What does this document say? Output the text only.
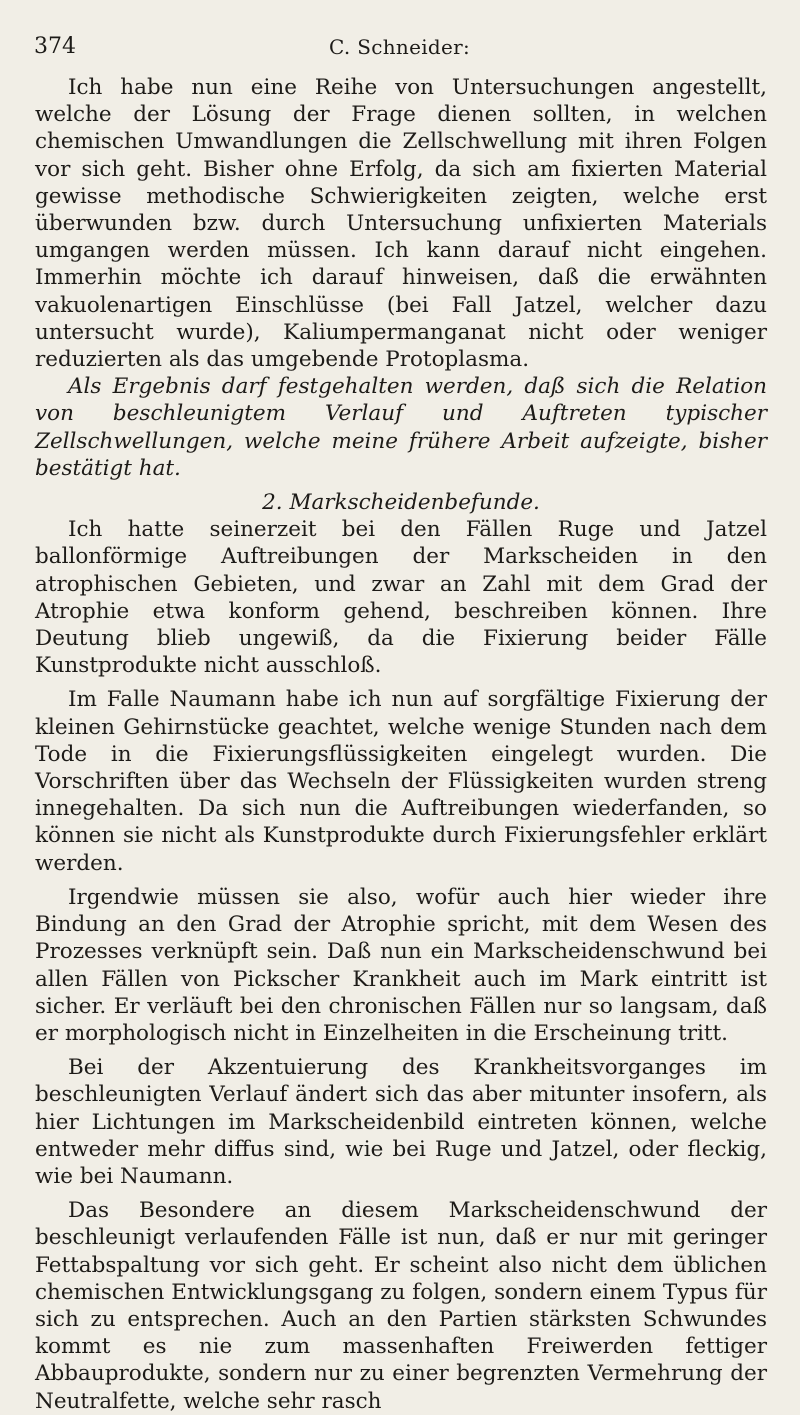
374	C. Schneider:

Ich habe nun eine Reihe von Untersuchungen angestellt, welche der Lösung der Frage dienen sollten, in welchen chemischen Umwandlungen die Zellschwellung mit ihren Folgen vor sich geht. Bisher ohne Erfolg, da sich am fixierten Material gewisse methodische Schwierigkeiten zeigten, welche erst überwunden bzw. durch Untersuchung unfixierten Materials umgangen werden müssen. Ich kann darauf nicht eingehen. Immerhin möchte ich darauf hinweisen, daß die erwähnten vakuolenartigen Einschlüsse (bei Fall Jatzel, welcher dazu untersucht wurde), Kaliumpermanganat nicht oder weniger reduzierten als das umgebende Protoplasma.

Als Ergebnis darf festgehalten werden, daß sich die Relation von beschleunigtem Verlauf und Auftreten typischer Zellschwellungen, welche meine frühere Arbeit aufzeigte, bisher bestätigt hat.

2. Markscheidenbefunde.

Ich hatte seinerzeit bei den Fällen Ruge und Jatzel ballonförmige Auftreibungen der Markscheiden in den atrophischen Gebieten, und zwar an Zahl mit dem Grad der Atrophie etwa konform gehend, beschreiben können. Ihre Deutung blieb ungewiß, da die Fixierung beider Fälle Kunstprodukte nicht ausschloß.

Im Falle Naumann habe ich nun auf sorgfältige Fixierung der kleinen Gehirnstücke geachtet, welche wenige Stunden nach dem Tode in die Fixierungsflüssigkeiten eingelegt wurden. Die Vorschriften über das Wechseln der Flüssigkeiten wurden streng innegehalten. Da sich nun die Auftreibungen wiederfanden, so können sie nicht als Kunstprodukte durch Fixierungsfehler erklärt werden.

Irgendwie müssen sie also, wofür auch hier wieder ihre Bindung an den Grad der Atrophie spricht, mit dem Wesen des Prozesses verknüpft sein. Daß nun ein Markscheidenschwund bei allen Fällen von Pickscher Krankheit auch im Mark eintritt ist sicher. Er verläuft bei den chronischen Fällen nur so langsam, daß er morphologisch nicht in Einzelheiten in die Erscheinung tritt.

Bei der Akzentuierung des Krankheitsvorganges im beschleunigten Verlauf ändert sich das aber mitunter insofern, als hier Lichtungen im Markscheidenbild eintreten können, welche entweder mehr diffus sind, wie bei Ruge und Jatzel, oder fleckig, wie bei Naumann.

Das Besondere an diesem Markscheidenschwund der beschleunigt verlaufenden Fälle ist nun, daß er nur mit geringer Fettabspaltung vor sich geht. Er scheint also nicht dem üblichen chemischen Entwicklungsgang zu folgen, sondern einem Typus für sich zu entsprechen. Auch an den Partien stärksten Schwundes kommt es nie zum massenhaften Freiwerden fettiger Abbauprodukte, sondern nur zu einer begrenzten Vermehrung der Neutralfette, welche sehr rasch
